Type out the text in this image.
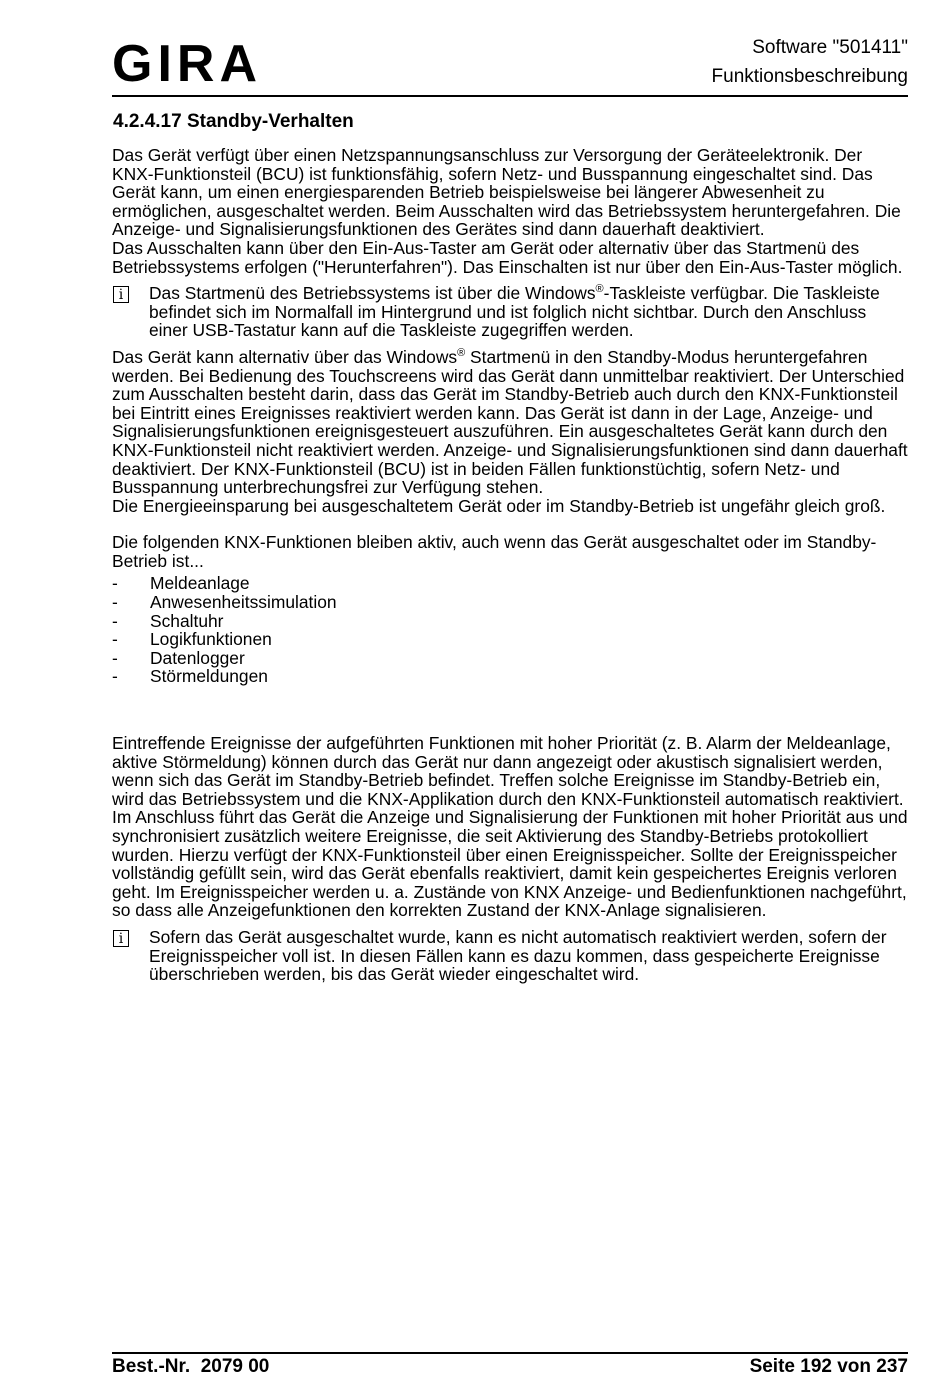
GIRA	Software "501411"
Funktionsbeschreibung
4.2.4.17 Standby-Verhalten

Das Gerät verfügt über einen Netzspannungsanschluss zur Versorgung der Geräteelektronik. Der KNX-Funktionsteil (BCU) ist funktionsfähig, sofern Netz- und Busspannung eingeschaltet sind. Das Gerät kann, um einen energiesparenden Betrieb beispielsweise bei längerer Abwesenheit zu ermöglichen, ausgeschaltet werden. Beim Ausschalten wird das Betriebssystem heruntergefahren. Die Anzeige- und Signalisierungsfunktionen des Gerätes sind dann dauerhaft deaktiviert.

Das Ausschalten kann über den Ein-Aus-Taster am Gerät oder alternativ über das Startmenü des Betriebssystems erfolgen ("Herunterfahren"). Das Einschalten ist nur über den Ein-Aus-Taster möglich.

i	Das Startmenü des Betriebssystems ist über die Windows®-Taskleiste verfügbar. Die Taskleiste befindet sich im Normalfall im Hintergrund und ist folglich nicht sichtbar. Durch den Anschluss einer USB-Tastatur kann auf die Taskleiste zugegriffen werden.

Das Gerät kann alternativ über das Windows® Startmenü in den Standby-Modus heruntergefahren werden. Bei Bedienung des Touchscreens wird das Gerät dann unmittelbar reaktiviert. Der Unterschied zum Ausschalten besteht darin, dass das Gerät im Standby-Betrieb auch durch den KNX-Funktionsteil bei Eintritt eines Ereignisses reaktiviert werden kann. Das Gerät ist dann in der Lage, Anzeige- und Signalisierungsfunktionen ereignisgesteuert auszuführen. Ein ausgeschaltetes Gerät kann durch den KNX-Funktionsteil nicht reaktiviert werden. Anzeige- und Signalisierungsfunktionen sind dann dauerhaft deaktiviert. Der KNX-Funktionsteil (BCU) ist in beiden Fällen funktionstüchtig, sofern Netz- und Busspannung unterbrechungsfrei zur Verfügung stehen.

Die Energieeinsparung bei ausgeschaltetem Gerät oder im Standby-Betrieb ist ungefähr gleich groß.

Die folgenden KNX-Funktionen bleiben aktiv, auch wenn das Gerät ausgeschaltet oder im Standby-Betrieb ist...

-	Meldeanlage
-	Anwesenheitssimulation
-	Schaltuhr
-	Logikfunktionen
-	Datenlogger
-	Störmeldungen

Eintreffende Ereignisse der aufgeführten Funktionen mit hoher Priorität (z. B. Alarm der Meldeanlage, aktive Störmeldung) können durch das Gerät nur dann angezeigt oder akustisch signalisiert werden, wenn sich das Gerät im Standby-Betrieb befindet. Treffen solche Ereignisse im Standby-Betrieb ein, wird das Betriebssystem und die KNX-Applikation durch den KNX-Funktionsteil automatisch reaktiviert. Im Anschluss führt das Gerät die Anzeige und Signalisierung der Funktionen mit hoher Priorität aus und synchronisiert zusätzlich weitere Ereignisse, die seit Aktivierung des Standby-Betriebs protokolliert wurden. Hierzu verfügt der KNX-Funktionsteil über einen Ereignisspeicher. Sollte der Ereignisspeicher vollständig gefüllt sein, wird das Gerät ebenfalls reaktiviert, damit kein gespeichertes Ereignis verloren geht. Im Ereignisspeicher werden u. a. Zustände von KNX Anzeige- und Bedienfunktionen nachgeführt, so dass alle Anzeigefunktionen den korrekten Zustand der KNX-Anlage signalisieren.

i	Sofern das Gerät ausgeschaltet wurde, kann es nicht automatisch reaktiviert werden, sofern der Ereignisspeicher voll ist. In diesen Fällen kann es dazu kommen, dass gespeicherte Ereignisse überschrieben werden, bis das Gerät wieder eingeschaltet wird.
Best.-Nr.  2079 00	Seite 192 von 237
